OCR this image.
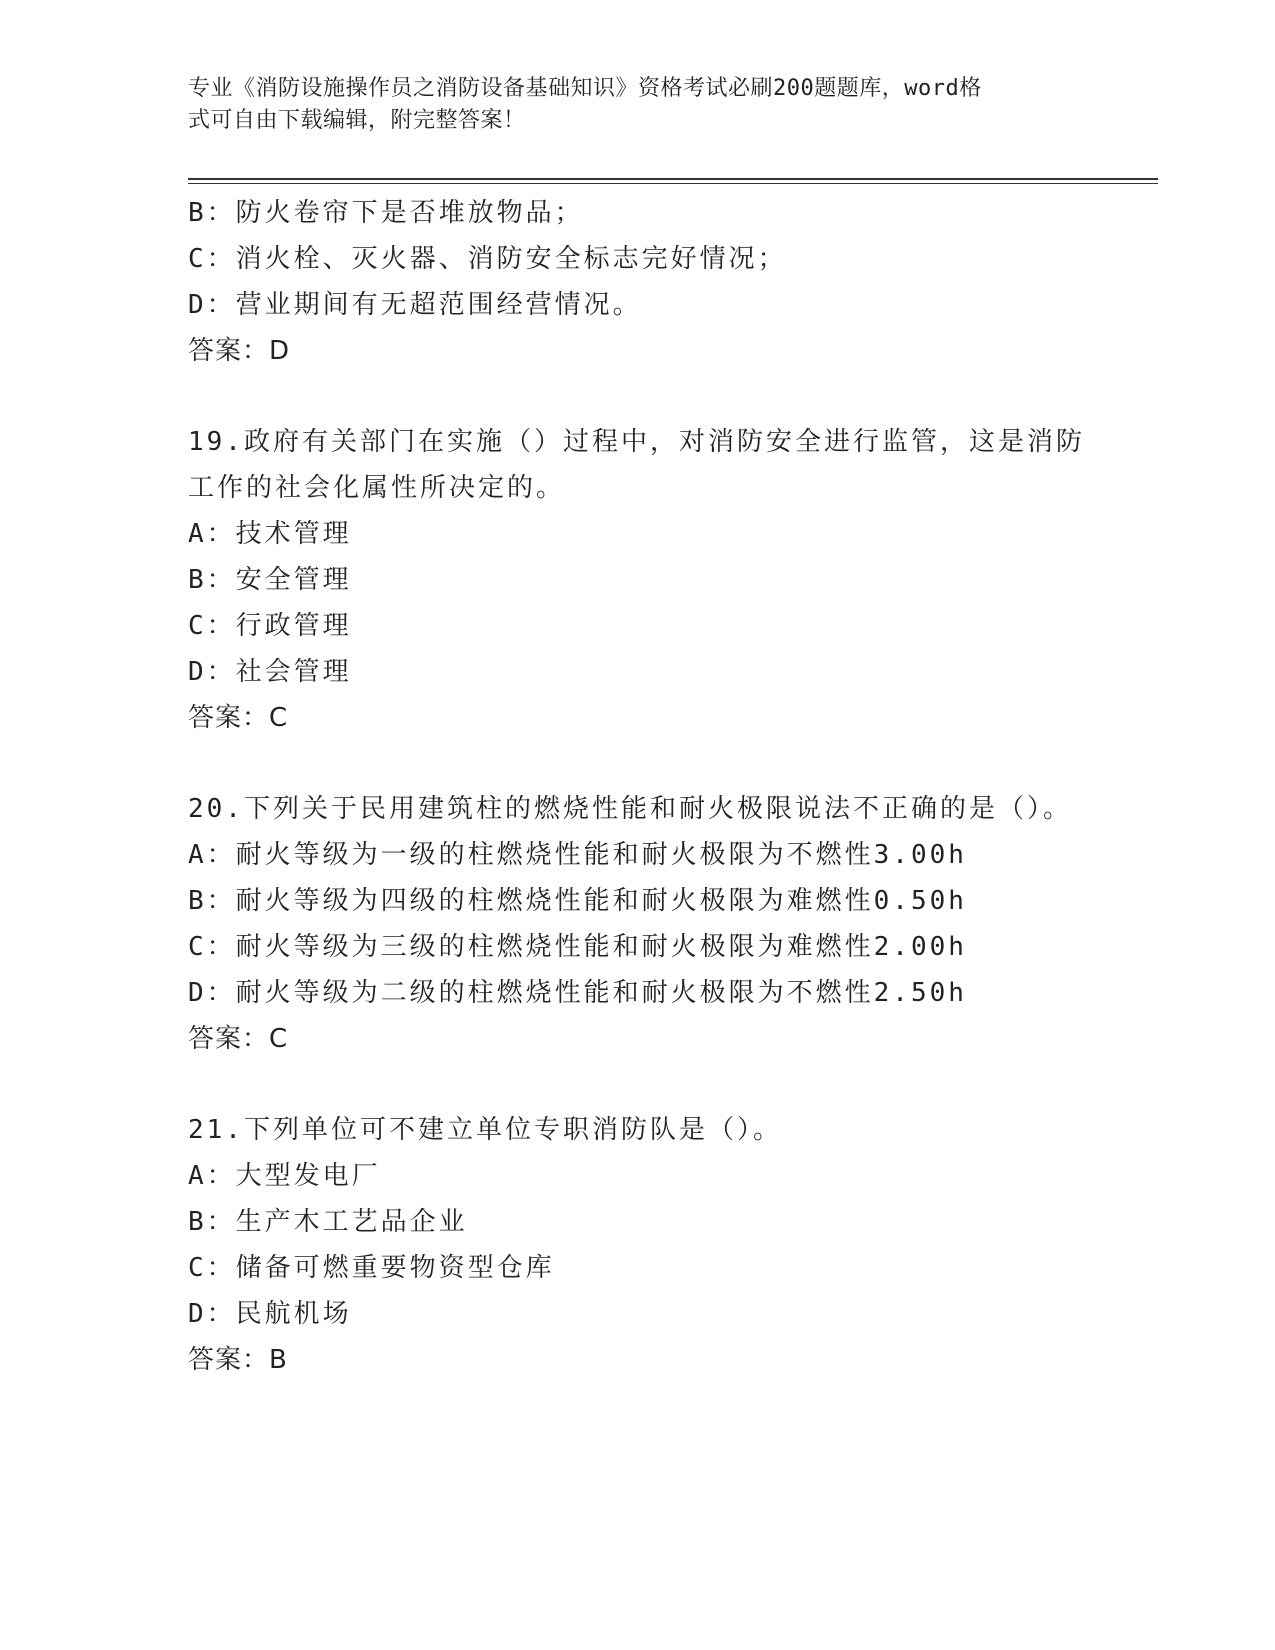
专业《消防设施操作员之消防设备基础知识》资格考试必刷200题题库，word格
式可自由下载编辑，附完整答案！
B：防火卷帘下是否堆放物品；
C：消火栓、灭火器、消防安全标志完好情况；
D：营业期间有无超范围经营情况。
答案：D
19.政府有关部门在实施（）过程中，对消防安全进行监管，这是消防
工作的社会化属性所决定的。
A：技术管理
B：安全管理
C：行政管理
D：社会管理
答案：C
20.下列关于民用建筑柱的燃烧性能和耐火极限说法不正确的是（）。
A：耐火等级为一级的柱燃烧性能和耐火极限为不燃性3.00h
B：耐火等级为四级的柱燃烧性能和耐火极限为难燃性0.50h
C：耐火等级为三级的柱燃烧性能和耐火极限为难燃性2.00h
D：耐火等级为二级的柱燃烧性能和耐火极限为不燃性2.50h
答案：C
21.下列单位可不建立单位专职消防队是（）。
A：大型发电厂
B：生产木工艺品企业
C：储备可燃重要物资型仓库
D：民航机场
答案：B
